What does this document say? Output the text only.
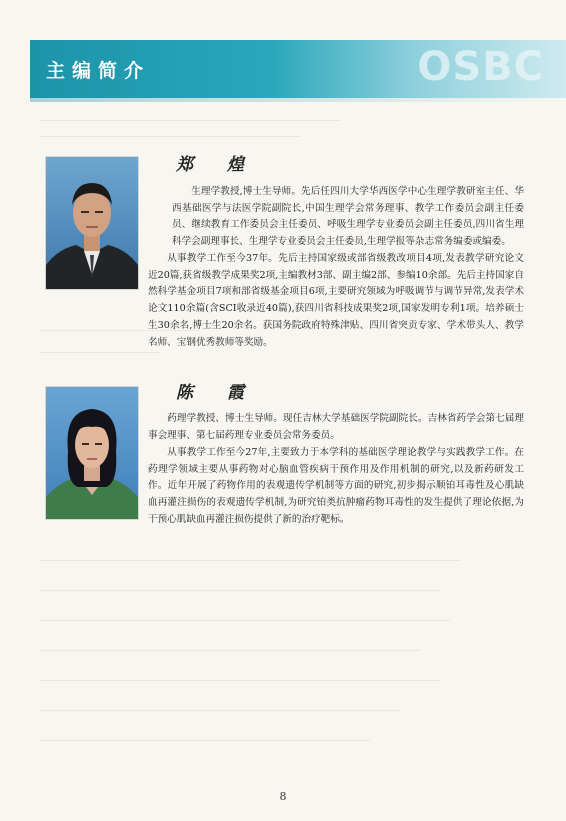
主编简介	OSBC
郑 煌

生理学教授,博士生导师。先后任四川大学华西医学中心生理学教研室主任、华西基础医学与法医学院副院长,中国生理学会常务理事、教学工作委员会副主任委员、继续教育工作委员会主任委员、呼吸生理学专业委员会副主任委员,四川省生理科学会副理事长、生理学专业委员会主任委员,生理学报等杂志常务编委或编委。

从事教学工作至今37年。先后主持国家级或部省级教改项目4项,发表教学研究论文近20篇,获省级教学成果奖2项,主编教材3部、副主编2部、参编10余部。先后主持国家自然科学基金项目7项和部省级基金项目6项,主要研究领域为呼吸调节与调节异常,发表学术论文110余篇(含SCI收录近40篇),获四川省科技成果奖2项,国家发明专利1项。培养硕士生30余名,博士生20余名。获国务院政府特殊津贴、四川省突贡专家、学术带头人、教学名师、宝钢优秀教师等奖励。

陈 霞

药理学教授、博士生导师。现任吉林大学基础医学院副院长。吉林省药学会第七届理事会理事、第七届药理专业委员会常务委员。

从事教学工作至今27年,主要致力于本学科的基础医学理论教学与实践教学工作。在药理学领域主要从事药物对心脑血管疾病干预作用及作用机制的研究,以及新药研发工作。近年开展了药物作用的表观遗传学机制等方面的研究,初步揭示顺铂耳毒性及心肌缺血再灌注损伤的表观遗传学机制,为研究铂类抗肿瘤药物耳毒性的发生提供了理论依据,为干预心肌缺血再灌注损伤提供了新的治疗靶标。

8
